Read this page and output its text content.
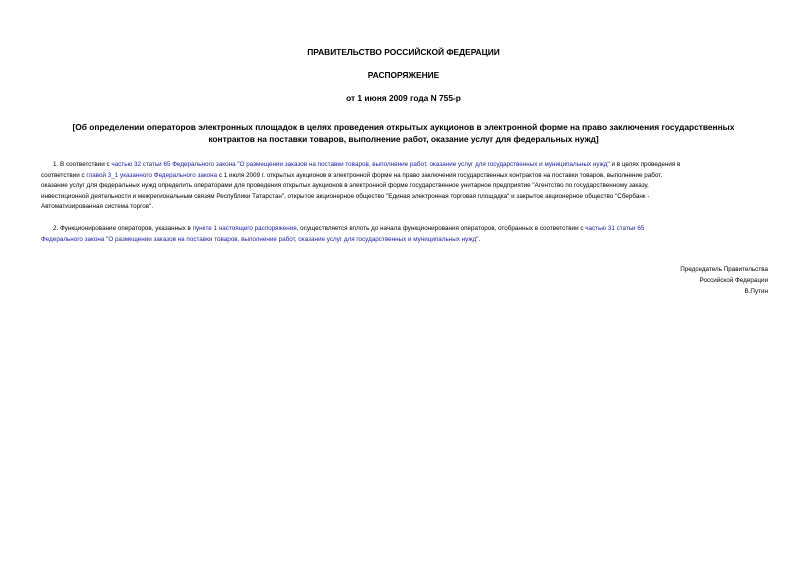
ПРАВИТЕЛЬСТВО РОССИЙСКОЙ ФЕДЕРАЦИИ
РАСПОРЯЖЕНИЕ
от 1 июня 2009 года N 755-р
[Об определении операторов электронных площадок в целях проведения открытых аукционов в электронной форме на право заключения государственных
контрактов на поставки товаров, выполнение работ, оказание услуг для федеральных нужд]
1. В соответствии с частью 32 статьи 65 Федерального закона "О размещении заказов на поставки товаров, выполнение работ, оказание услуг для государственных и муниципальных нужд" и в целях проведения в
соответствии с главой 3_1 указанного Федерального закона с 1 июля 2009 г. открытых аукционов в электронной форме на право заключения государственных контрактов на поставки товаров, выполнение работ,
оказание услуг для федеральных нужд определить операторами для проведения открытых аукционов в электронной форме государственное унитарное предприятие "Агентство по государственному заказу,
инвестиционной деятельности и межрегиональным связям Республики Татарстан", открытое акционерное общество "Единая электронная торговая площадка" и закрытое акционерное общество "Сбербанк -
Автоматизированная система торгов".
2. Функционирование операторов, указанных в пункте 1 настоящего распоряжения, осуществляется вплоть до начала функционирования операторов, отобранных в соответствии с частью 31 статьи 65
Федерального закона "О размещении заказов на поставки товаров, выполнение работ, оказание услуг для государственных и муниципальных нужд".
Председатель Правительства
Российской Федерации
В.Путин
